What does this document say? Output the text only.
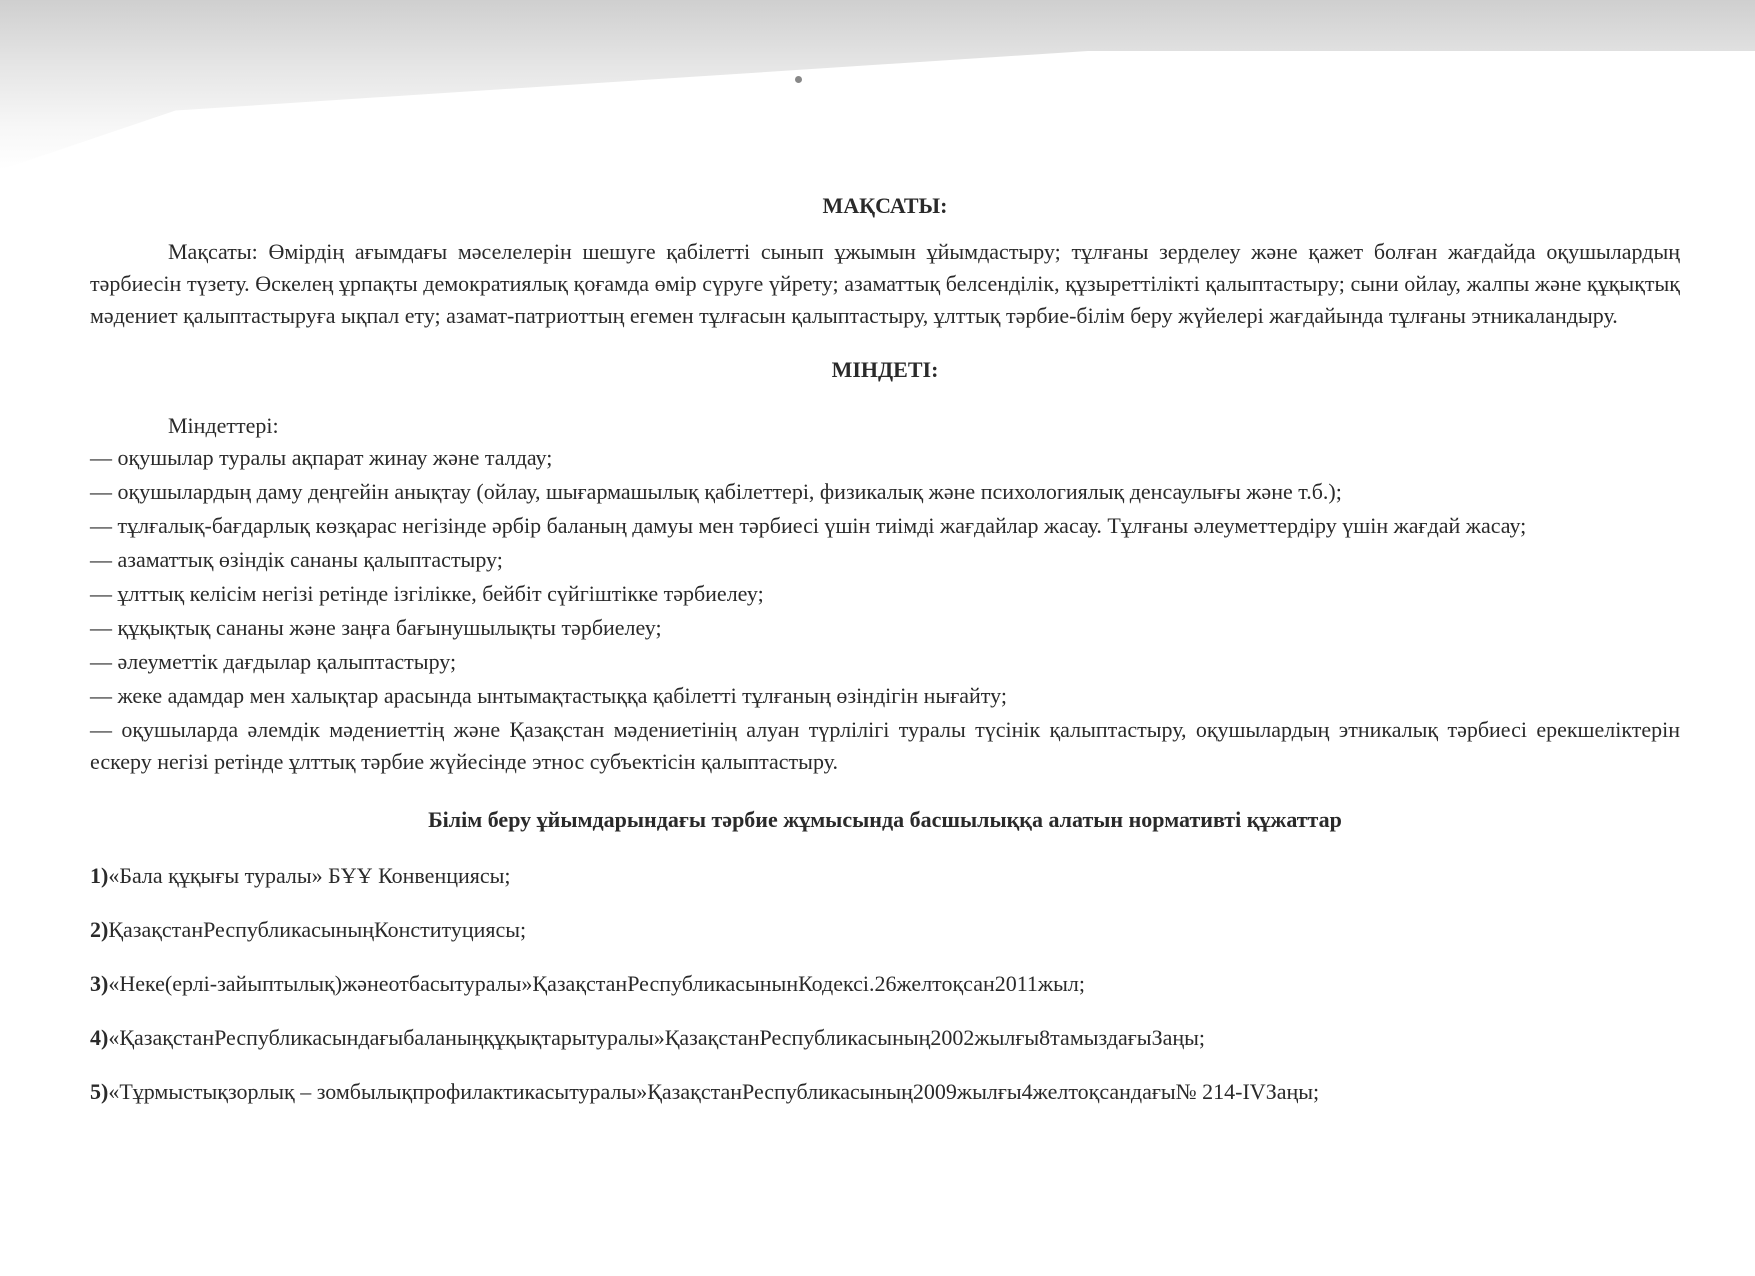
МАҚСАТЫ:

Мақсаты: Өмірдің ағымдағы мәселелерін шешуге қабілетті сынып ұжымын ұйымдастыру; тұлғаны зерделеу және қажет болған жағдайда оқушылардың тәрбиесін түзету. Өскелең ұрпақты демократиялық қоғамда өмір сүруге үйрету; азаматтық белсенділік, құзыреттілікті қалыптастыру; сыни ойлау, жалпы және құқықтық мәдениет қалыптастыруға ықпал ету; азамат-патриоттың егемен тұлғасын қалыптастыру, ұлттық тәрбие-білім беру жүйелері жағдайында тұлғаны этникаландыру.

МІНДЕТІ:

Міндеттері:

— оқушылар туралы ақпарат жинау және талдау;
— оқушылардың даму деңгейін анықтау (ойлау, шығармашылық қабілеттері, физикалық және психологиялық денсаулығы және т.б.);
— тұлғалық-бағдарлық көзқарас негізінде әрбір баланың дамуы мен тәрбиесі үшін тиімді жағдайлар жасау. Тұлғаны әлеуметтердіру үшін жағдай жасау;
— азаматтық өзіндік сананы қалыптастыру;
— ұлттық келісім негізі ретінде ізгілікке, бейбіт сүйгіштікке тәрбиелеу;
— құқықтық сананы және заңға бағынушылықты тәрбиелеу;
— әлеуметтік дағдылар қалыптастыру;
— жеке адамдар мен халықтар арасында ынтымақтастыққа қабілетті тұлғаның өзіндігін нығайту;
— оқушыларда әлемдік мәдениеттің және Қазақстан мәдениетінің алуан түрлілігі туралы түсінік қалыптастыру, оқушылардың этникалық тәрбиесі ерекшеліктерін ескеру негізі ретінде ұлттық тәрбие жүйесінде этнос субъектісін қалыптастыру.
Білім беру ұйымдарындағы тәрбие жұмысында басшылыққа алатын нормативті құжаттар
1)«Бала құқығы туралы» БҰҰ Конвенциясы;
2)ҚазақстанРеспубликасыныңКонституциясы;
3)«Неке(ерлі-зайыптылық)жәнеотбасытуралы»ҚазақстанРеспубликасынынКодексі.26желтоқсан2011жыл;
4)«ҚазақстанРеспубликасындағыбаланыңқұқықтарытуралы»ҚазақстанРеспубликасының2002жылғы8тамыздағыЗаңы;
5)«Тұрмыстықзорлық – зомбылықпрофилактикасытуралы»ҚазақстанРеспубликасының2009жылғы4желтоқсандағы№ 214-IVЗаңы;
